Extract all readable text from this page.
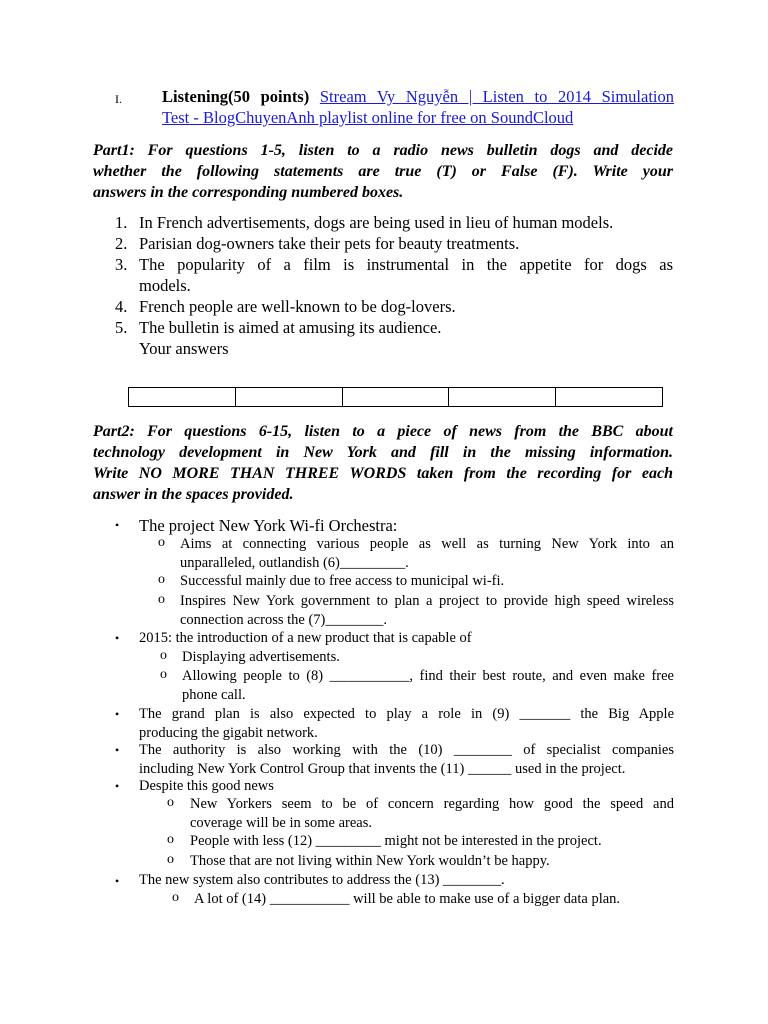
I. Listening(50 points) Stream Vy Nguyễn | Listen to 2014 Simulation
Test - BlogChuyenAnh playlist online for free on SoundCloud
Part1: For questions 1-5, listen to a radio news bulletin dogs and decide
whether the following statements are true (T) or False (F). Write your
answers in the corresponding numbered boxes.
1. In French advertisements, dogs are being used in lieu of human models.
2. Parisian dog-owners take their pets for beauty treatments.
3. The popularity of a film is instrumental in the appetite for dogs as
models.
4. French people are well-known to be dog-lovers.
5. The bulletin is aimed at amusing its audience.
Your answers
Part2: For questions 6-15, listen to a piece of news from the BBC about
technology development in New York and fill in the missing information.
Write NO MORE THAN THREE WORDS taken from the recording for each
answer in the spaces provided.
• The project New York Wi-fi Orchestra:
o Aims at connecting various people as well as turning New York into an
unparalleled, outlandish (6)_________.
o Successful mainly due to free access to municipal wi-fi.
o Inspires New York government to plan a project to provide high speed wireless
connection across the (7)________.
• 2015: the introduction of a new product that is capable of
o Displaying advertisements.
o Allowing people to (8) ___________, find their best route, and even make free
phone call.
• The grand plan is also expected to play a role in (9) _______ the Big Apple
producing the gigabit network.
• The authority is also working with the (10) ________ of specialist companies
including New York Control Group that invents the (11) ______ used in the project.
• Despite this good news
o New Yorkers seem to be of concern regarding how good the speed and
coverage will be in some areas.
o People with less (12) _________ might not be interested in the project.
o Those that are not living within New York wouldn’t be happy.
• The new system also contributes to address the (13) ________.
o A lot of (14) ___________ will be able to make use of a bigger data plan.
